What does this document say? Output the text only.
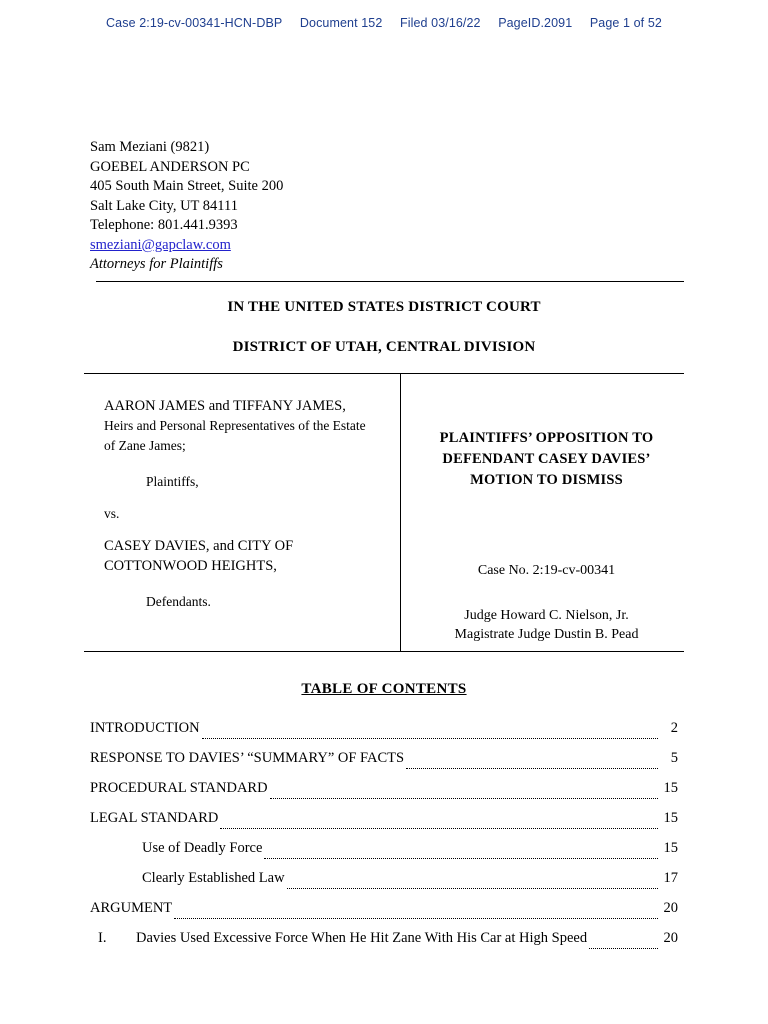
Case 2:19-cv-00341-HCN-DBP Document 152 Filed 03/16/22 PageID.2091 Page 1 of 52
Sam Meziani (9821)
GOEBEL ANDERSON PC
405 South Main Street, Suite 200
Salt Lake City, UT 84111
Telephone: 801.441.9393
smeziani@gapclaw.com
Attorneys for Plaintiffs
IN THE UNITED STATES DISTRICT COURT
DISTRICT OF UTAH, CENTRAL DIVISION
AARON JAMES and TIFFANY JAMES,
Heirs and Personal Representatives of the Estate
of Zane James;
Plaintiffs,
vs.
CASEY DAVIES, and CITY OF
COTTONWOOD HEIGHTS,
Defendants.
PLAINTIFFS’ OPPOSITION TO
DEFENDANT CASEY DAVIES’
MOTION TO DISMISS
Case No. 2:19-cv-00341
Judge Howard C. Nielson, Jr.
Magistrate Judge Dustin B. Pead
TABLE OF CONTENTS
INTRODUCTION	2
RESPONSE TO DAVIES’ “SUMMARY” OF FACTS	5
PROCEDURAL STANDARD	15
LEGAL STANDARD	15
Use of Deadly Force	15
Clearly Established Law	17
ARGUMENT	20
I.	Davies Used Excessive Force When He Hit Zane With His Car at High Speed	20
